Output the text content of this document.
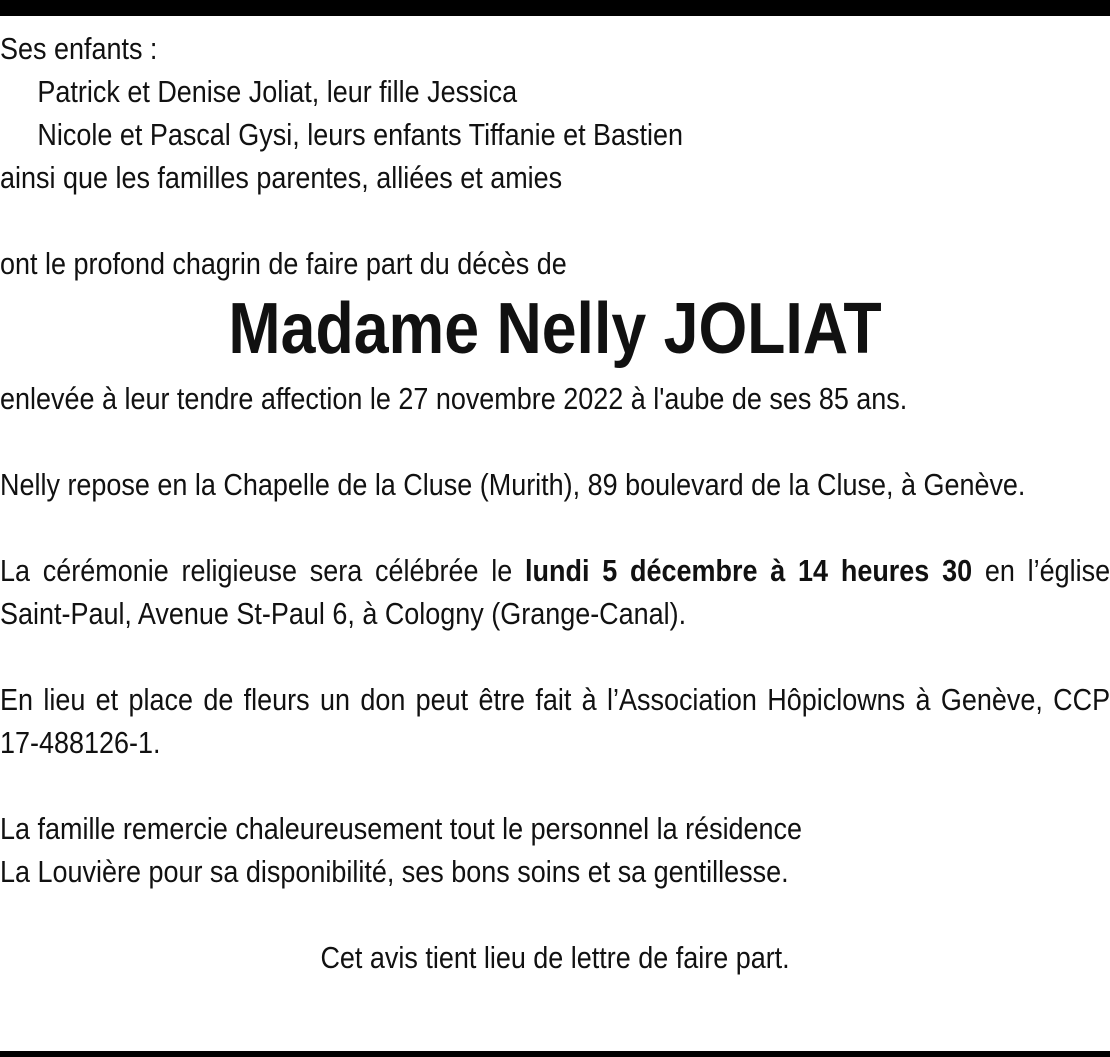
Ses enfants :
Patrick et Denise Joliat, leur fille Jessica
Nicole et Pascal Gysi, leurs enfants Tiffanie et Bastien
ainsi que les familles parentes, alliées et amies
ont le profond chagrin de faire part du décès de
Madame Nelly JOLIAT
enlevée à leur tendre affection le 27 novembre 2022 à l'aube de ses 85 ans.
Nelly repose en la Chapelle de la Cluse (Murith), 89 boulevard de la Cluse, à Genève.
La cérémonie religieuse sera célébrée le lundi 5 décembre à 14 heures 30 en l’église Saint-Paul, Avenue St-Paul 6, à Cologny (Grange-Canal).
En lieu et place de fleurs un don peut être fait à l’Association Hôpiclowns à Genève, CCP 17-488126-1.
La famille remercie chaleureusement tout le personnel la résidence
La Louvière pour sa disponibilité, ses bons soins et sa gentillesse.
Cet avis tient lieu de lettre de faire part.
